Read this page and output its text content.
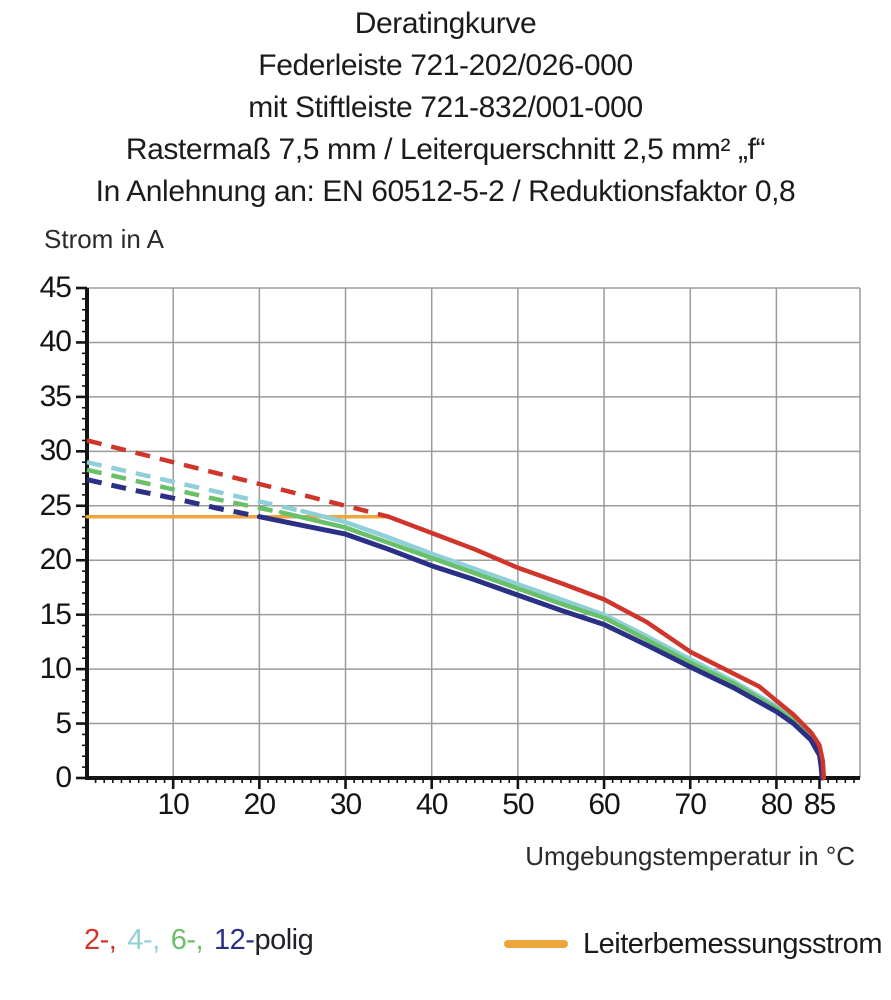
Deratingkurve
Federleiste 721-202/026-000
mit Stiftleiste 721-832/001-000
Rastermaß 7,5 mm / Leiterquerschnitt 2,5 mm² „f“
In Anlehnung an: EN 60512-5-2 / Reduktionsfaktor 0,8
Strom in A
0
5
10
15
20
25
30
35
40
45
10 20 30 40 50 60 70 80 85
Umgebungstemperatur in °C
2-, 4-, 6-, 12-polig	Leiterbemessungsstrom
